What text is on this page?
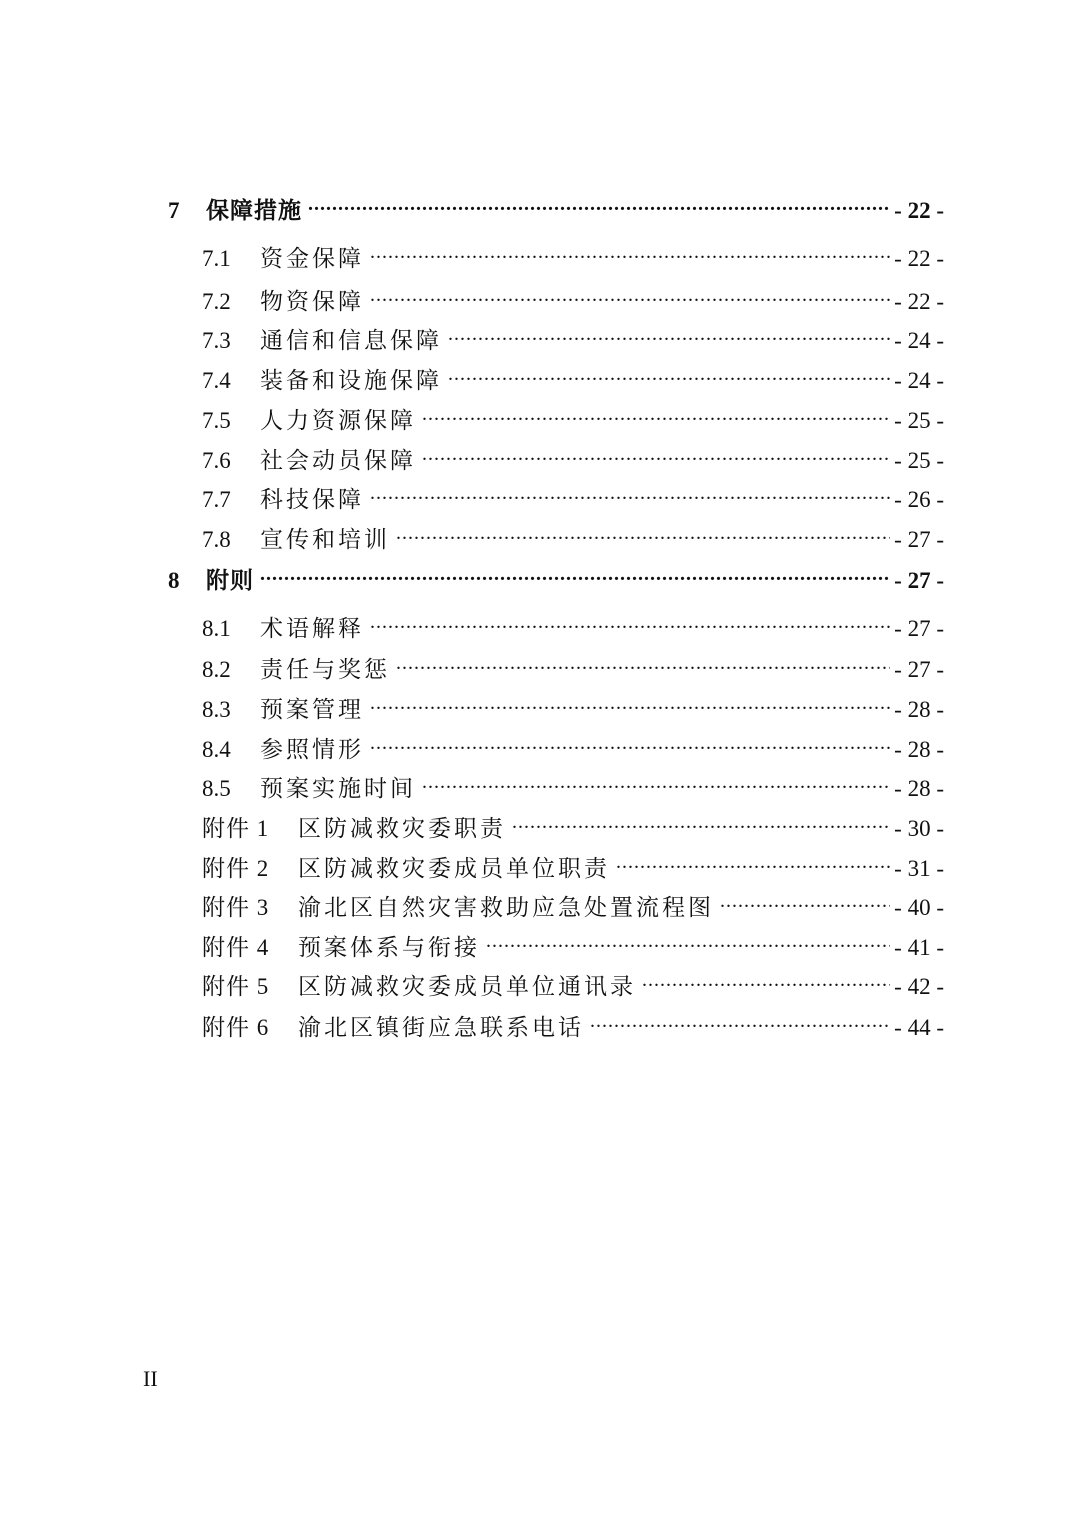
7	保障措施 .....	- 22 -
7.1	资金保障 .....	- 22 -
7.2	物资保障 .....	- 22 -
7.3	通信和信息保障 .....	- 24 -
7.4	装备和设施保障 .....	- 24 -
7.5	人力资源保障 .....	- 25 -
7.6	社会动员保障 .....	- 25 -
7.7	科技保障 .....	- 26 -
7.8	宣传和培训 .....	- 27 -
8	附则 .....	- 27 -
8.1	术语解释 .....	- 27 -
8.2	责任与奖惩 .....	- 27 -
8.3	预案管理 .....	- 28 -
8.4	参照情形 .....	- 28 -
8.5	预案实施时间 .....	- 28 -
附件 1	区防减救灾委职责 .....	- 30 -
附件 2	区防减救灾委成员单位职责 .....	- 31 -
附件 3	渝北区自然灾害救助应急处置流程图 .....	- 40 -
附件 4	预案体系与衔接 .....	- 41 -
附件 5	区防减救灾委成员单位通讯录 .....	- 42 -
附件 6	渝北区镇街应急联系电话 .....	- 44 -
II
